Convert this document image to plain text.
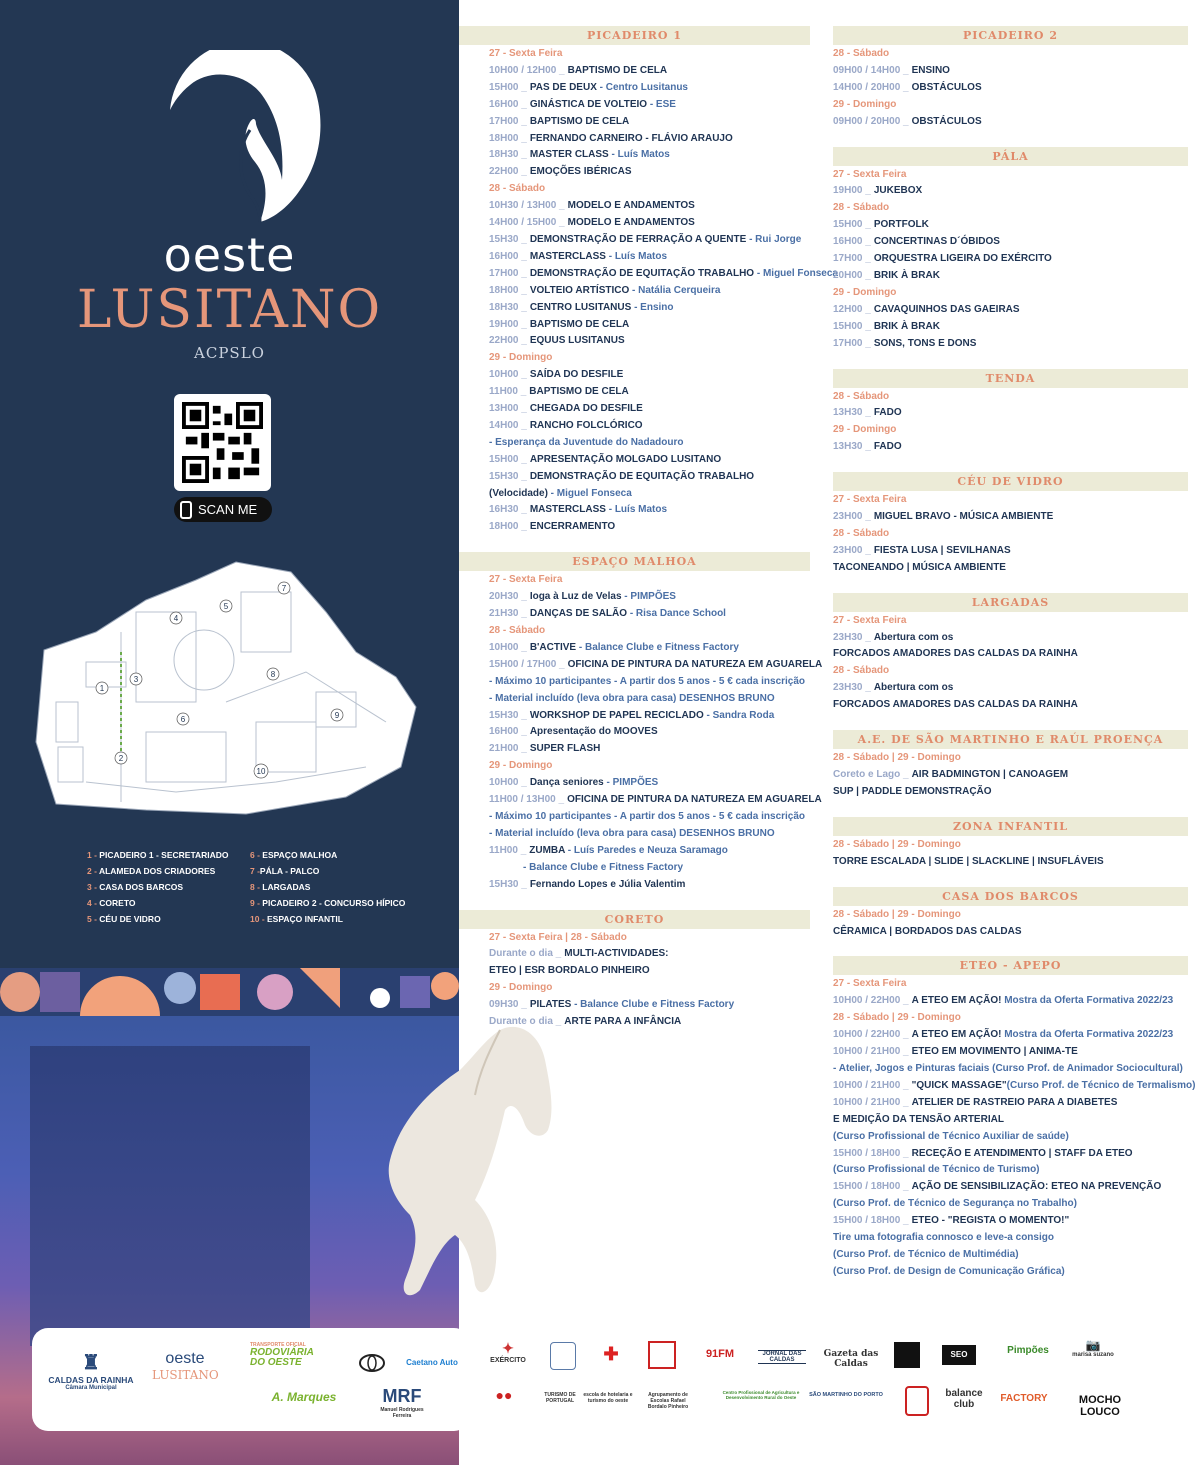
oeste
LUSITANO
ACPSLO
SCAN ME
1
2
3
4
5
6
7
8
9
10
1 - PICADEIRO 1 - SECRETARIADO	6 - ESPAÇO MALHOA
2 - ALAMEDA DOS CRIADORES	7 -PÁLA - PALCO
3 - CASA DOS BARCOS	8 - LARGADAS
4 - CORETO	9 - PICADEIRO 2 - CONCURSO HÍPICO
5 - CÉU DE VIDRO	10 - ESPAÇO INFANTIL
♜
CALDAS DA RAINHA
Câmara Municipal
oeste
LUSITANO
TRANSPORTE OFICIAL
RODOVIÁRIA DO OESTE	Caetano Auto
A. Marques	MRF
Manuel Rodrigues Ferreira
PICADEIRO 1
27 - Sexta Feira
10H00 / 12H00 _ BAPTISMO DE CELA
15H00 _ PAS DE DEUX - Centro Lusitanus
16H00 _ GINÁSTICA DE VOLTEIO - ESE
17H00 _ BAPTISMO DE CELA
18H00 _ FERNANDO CARNEIRO - FLÁVIO ARAUJO
18H30 _ MASTER CLASS - Luís Matos
22H00 _ EMOÇÕES IBÉRICAS
28 - Sábado
10H30 / 13H00 _ MODELO E ANDAMENTOS
14H00 / 15H00 _ MODELO E ANDAMENTOS
15H30 _ DEMONSTRAÇÃO DE FERRAÇÃO A QUENTE - Rui Jorge
16H00 _ MASTERCLASS - Luís Matos
17H00 _ DEMONSTRAÇÃO DE EQUITAÇÃO TRABALHO - Miguel Fonseca
18H00 _ VOLTEIO ARTÍSTICO - Natália Cerqueira
18H30 _ CENTRO LUSITANUS - Ensino
19H00 _ BAPTISMO DE CELA
22H00 _ EQUUS LUSITANUS
29 - Domingo
10H00 _ SAÍDA DO DESFILE
11H00 _ BAPTISMO DE CELA
13H00 _ CHEGADA DO DESFILE
14H00 _ RANCHO FOLCLÓRICO
- Esperança da Juventude do Nadadouro
15H00 _ APRESENTAÇÃO MOLGADO LUSITANO
15H30 _ DEMONSTRAÇÃO DE EQUITAÇÃO TRABALHO
(Velocidade) - Miguel Fonseca
16H30 _ MASTERCLASS - Luís Matos
18H00 _ ENCERRAMENTO
ESPAÇO MALHOA
27 - Sexta Feira
20H30 _ Ioga à Luz de Velas - PIMPÕES
21H30 _ DANÇAS DE SALÃO - Risa Dance School
28 - Sábado
10H00 _ B'ACTIVE - Balance Clube e Fitness Factory
15H00 / 17H00 _ OFICINA DE PINTURA DA NATUREZA EM AGUARELA
- Máximo 10 participantes - A partir dos 5 anos - 5 € cada inscrição
- Material incluído (leva obra para casa) DESENHOS BRUNO
15H30 _ WORKSHOP DE PAPEL RECICLADO - Sandra Roda
16H00 _ Apresentação do MOOVES
21H00 _ SUPER FLASH
29 - Domingo
10H00 _ Dança seniores - PIMPÕES
11H00 / 13H00 _ OFICINA DE PINTURA DA NATUREZA EM AGUARELA
- Máximo 10 participantes - A partir dos 5 anos - 5 € cada inscrição
- Material incluído (leva obra para casa) DESENHOS BRUNO
11H00 _ ZUMBA - Luís Paredes e Neuza Saramago
- Balance Clube e Fitness Factory
15H30 _ Fernando Lopes e Júlia Valentim
CORETO
27 - Sexta Feira | 28 - Sábado
Durante o dia _ MULTI-ACTIVIDADES:
ETEO | ESR BORDALO PINHEIRO
29 - Domingo
09H30 _ PILATES - Balance Clube e Fitness Factory
Durante o dia _ ARTE PARA A INFÂNCIA
PICADEIRO 2
28 - Sábado
09H00 / 14H00 _ ENSINO
14H00 / 20H00 _ OBSTÁCULOS
29 - Domingo
09H00 / 20H00 _ OBSTÁCULOS
PÁLA
27 - Sexta Feira
19H00 _ JUKEBOX
28 - Sábado
15H00 _ PORTFOLK
16H00 _ CONCERTINAS D´ÓBIDOS
17H00 _ ORQUESTRA LIGEIRA DO EXÉRCITO
20H00 _ BRIK À BRAK
29 - Domingo
12H00 _ CAVAQUINHOS DAS GAEIRAS
15H00 _ BRIK À BRAK
17H00 _ SONS, TONS E DONS
TENDA
28 - Sábado
13H30 _ FADO
29 - Domingo
13H30 _ FADO
CÉU DE VIDRO
27 - Sexta Feira
23H00 _ MIGUEL BRAVO - MÚSICA AMBIENTE
28 - Sábado
23H00 _ FIESTA LUSA | SEVILHANAS
TACONEANDO | MÚSICA AMBIENTE
LARGADAS
27 - Sexta Feira
23H30 _ Abertura com os
FORCADOS AMADORES DAS CALDAS DA RAINHA
28 - Sábado
23H30 _ Abertura com os
FORCADOS AMADORES DAS CALDAS DA RAINHA
A.E. DE SÃO MARTINHO E RAÚL PROENÇA
28 - Sábado | 29 - Domingo
Coreto e Lago _ AIR BADMINGTON | CANOAGEM
SUP | PADDLE DEMONSTRAÇÃO
ZONA INFANTIL
28 - Sábado | 29 - Domingo
TORRE ESCALADA | SLIDE | SLACKLINE | INSUFLÁVEIS
CASA DOS BARCOS
28 - Sábado | 29 - Domingo
CÊRAMICA | BORDADOS DAS CALDAS
ETEO - APEPO
27 - Sexta Feira
10H00 / 22H00 _ A ETEO EM AÇÃO! Mostra da Oferta Formativa 2022/23
28 - Sábado | 29 - Domingo
10H00 / 22H00 _ A ETEO EM AÇÃO! Mostra da Oferta Formativa 2022/23
10H00 / 21H00 _ ETEO EM MOVIMENTO | ANIMA-TE
- Atelier, Jogos e Pinturas faciais (Curso Prof. de Animador Sociocultural)
10H00 / 21H00 _ "QUICK MASSAGE"(Curso Prof. de Técnico de Termalismo)
10H00 / 21H00 _ ATELIER DE RASTREIO PARA A DIABETES
E MEDIÇÃO DA TENSÃO ARTERIAL
(Curso Profissional de Técnico Auxiliar de saúde)
15H00 / 18H00 _ RECEÇÃO E ATENDIMENTO | STAFF DA ETEO
(Curso Profissional de Técnico de Turismo)
15H00 / 18H00 _ AÇÃO DE SENSIBILIZAÇÃO: ETEO NA PREVENÇÃO
(Curso Prof. de Técnico de Segurança no Trabalho)
15H00 / 18H00 _ ETEO - "REGISTA O MOMENTO!"
Tire uma fotografia connosco e leve-a consigo
(Curso Prof. de Técnico de Multimédia)
(Curso Prof. de Design de Comunicação Gráfica)
✦
EXÉRCITO	✚	91FM	JORNAL DAS CALDAS
Gazeta das Caldas
SEO	Pimpões	📷
marisa suzano
●●	TURISMO DE PORTUGAL
escola de hotelaria e turismo do oeste
Agrupamento de Escolas Rafael Bordalo Pinheiro
Centro Profissional de Agricultura e Desenvolvimento Rural do Oeste	SÃO MARTINHO DO PORTO	balance club
FACTORY	MOCHO LOUCO
